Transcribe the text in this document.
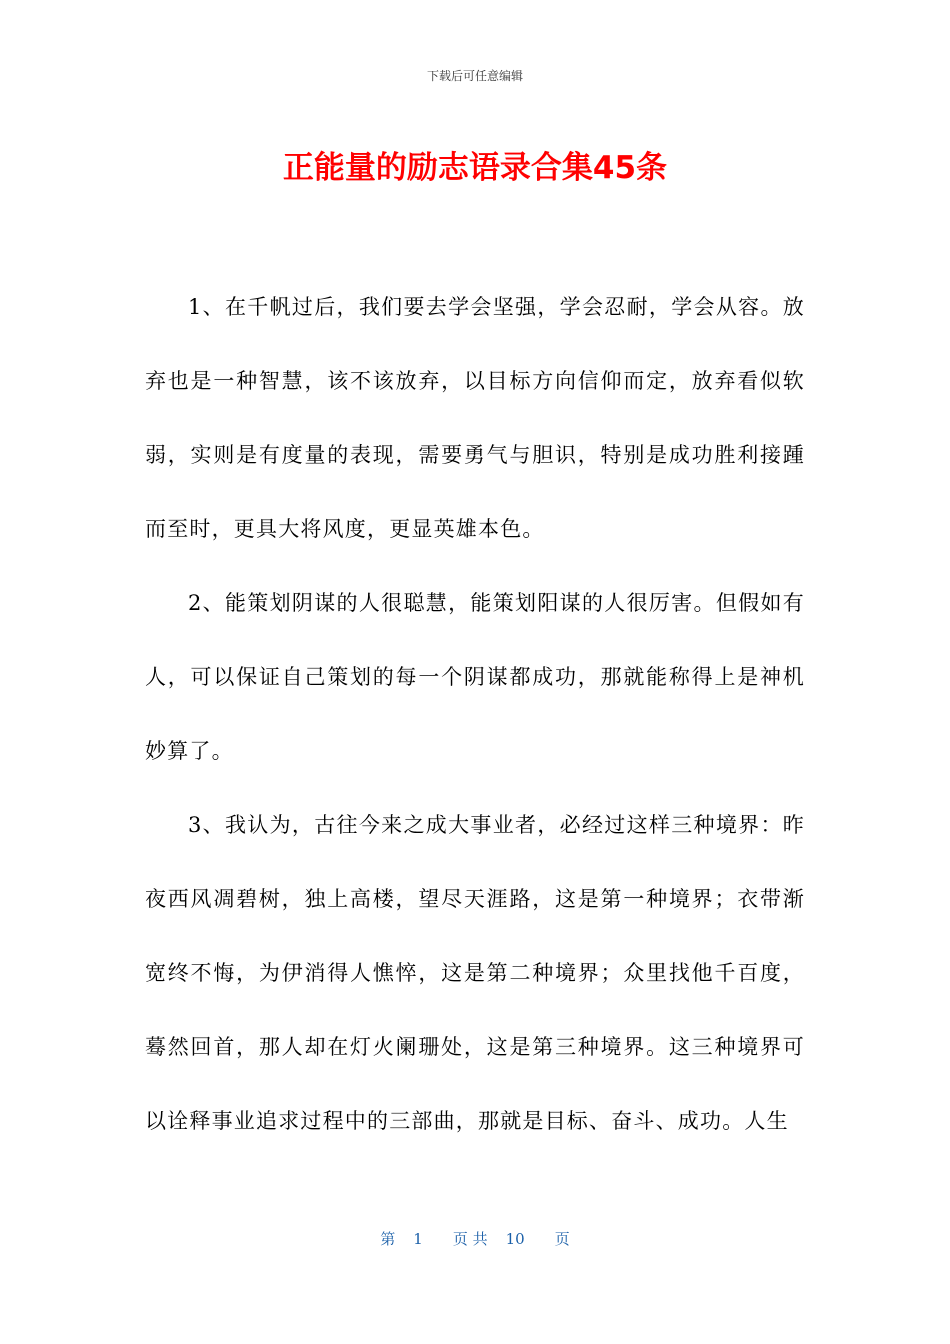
下载后可任意编辑
正能量的励志语录合集45条

1、在千帆过后，我们要去学会坚强，学会忍耐，学会从容。放弃也是一种智慧，该不该放弃，以目标方向信仰而定，放弃看似软弱，实则是有度量的表现，需要勇气与胆识，特别是成功胜利接踵而至时，更具大将风度，更显英雄本色。

2、能策划阴谋的人很聪慧，能策划阳谋的人很厉害。但假如有人，可以保证自己策划的每一个阴谋都成功，那就能称得上是神机妙算了。

3、我认为，古往今来之成大事业者，必经过这样三种境界：昨夜西风凋碧树，独上高楼，望尽天涯路，这是第一种境界；衣带渐宽终不悔，为伊消得人憔悴，这是第二种境界；众里找他千百度，蓦然回首，那人却在灯火阑珊处，这是第三种境界。这三种境界可以诠释事业追求过程中的三部曲，那就是目标、奋斗、成功。人生

第 1 页 共 10 页
